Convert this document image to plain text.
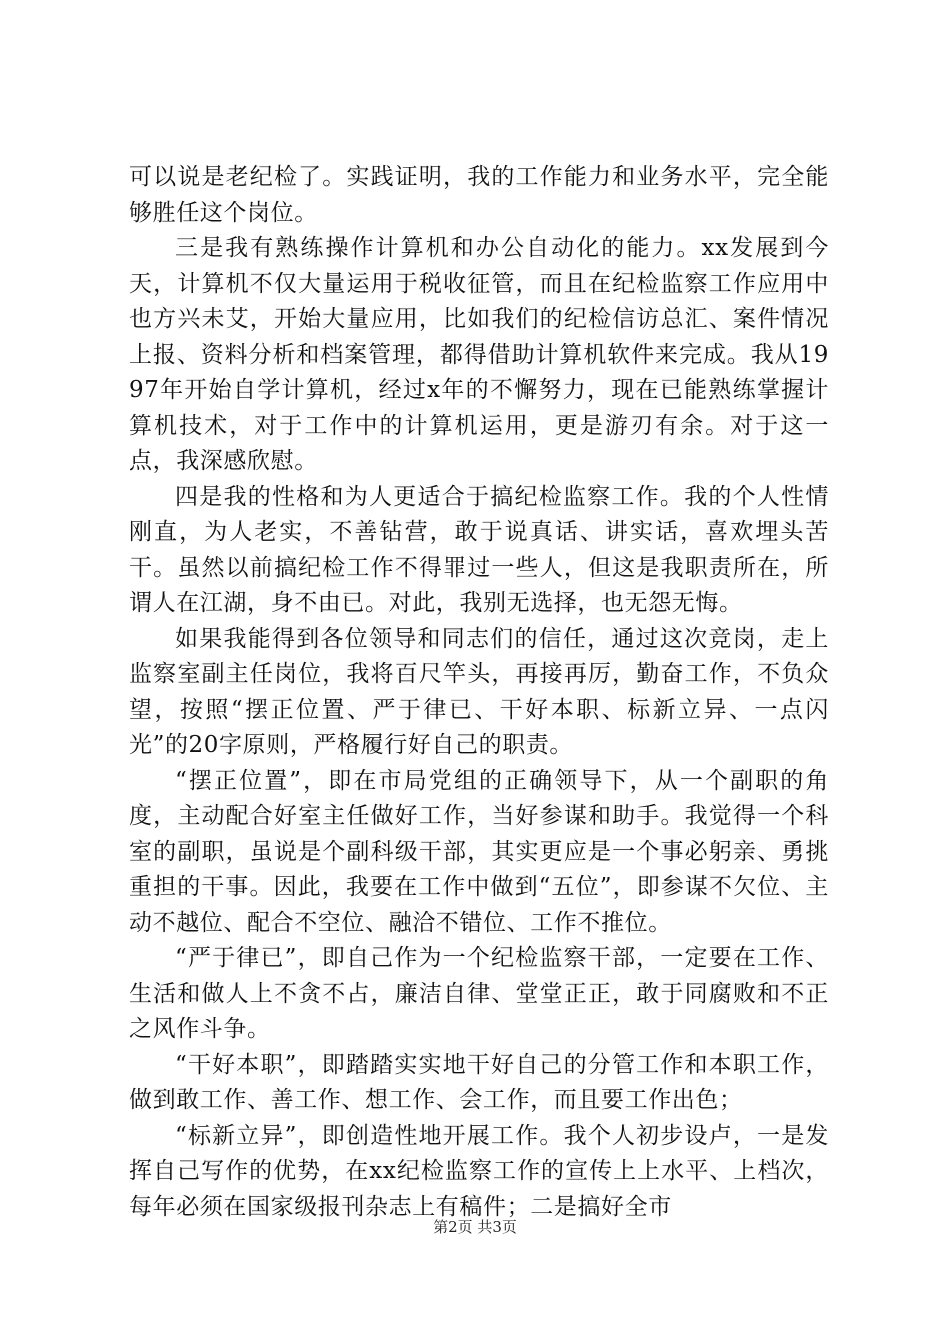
可以说是老纪检了。实践证明，我的工作能力和业务水平，完全能够胜任这个岗位。

三是我有熟练操作计算机和办公自动化的能力。xx发展到今天，计算机不仅大量运用于税收征管，而且在纪检监察工作应用中也方兴未艾，开始大量应用，比如我们的纪检信访总汇、案件情况上报、资料分析和档案管理，都得借助计算机软件来完成。我从1997年开始自学计算机，经过x年的不懈努力，现在已能熟练掌握计算机技术，对于工作中的计算机运用，更是游刃有余。对于这一点，我深感欣慰。

四是我的性格和为人更适合于搞纪检监察工作。我的个人性情刚直，为人老实，不善钻营，敢于说真话、讲实话，喜欢埋头苦干。虽然以前搞纪检工作不得罪过一些人，但这是我职责所在，所谓人在江湖，身不由已。对此，我别无选择，也无怨无悔。

如果我能得到各位领导和同志们的信任，通过这次竞岗，走上监察室副主任岗位，我将百尺竿头，再接再厉，勤奋工作，不负众望，按照“摆正位置、严于律已、干好本职、标新立异、一点闪光”的20字原则，严格履行好自己的职责。

“摆正位置”，即在市局党组的正确领导下，从一个副职的角度，主动配合好室主任做好工作，当好参谋和助手。我觉得一个科室的副职，虽说是个副科级干部，其实更应是一个事必躬亲、勇挑重担的干事。因此，我要在工作中做到“五位”，即参谋不欠位、主动不越位、配合不空位、融洽不错位、工作不推位。

“严于律已”，即自己作为一个纪检监察干部，一定要在工作、生活和做人上不贪不占，廉洁自律、堂堂正正，敢于同腐败和不正之风作斗争。

“干好本职”，即踏踏实实地干好自己的分管工作和本职工作，做到敢工作、善工作、想工作、会工作，而且要工作出色；

“标新立异”，即创造性地开展工作。我个人初步设卢，一是发挥自己写作的优势，在xx纪检监察工作的宣传上上水平、上档次，每年必须在国家级报刊杂志上有稿件；二是搞好全市

第2页 共3页
